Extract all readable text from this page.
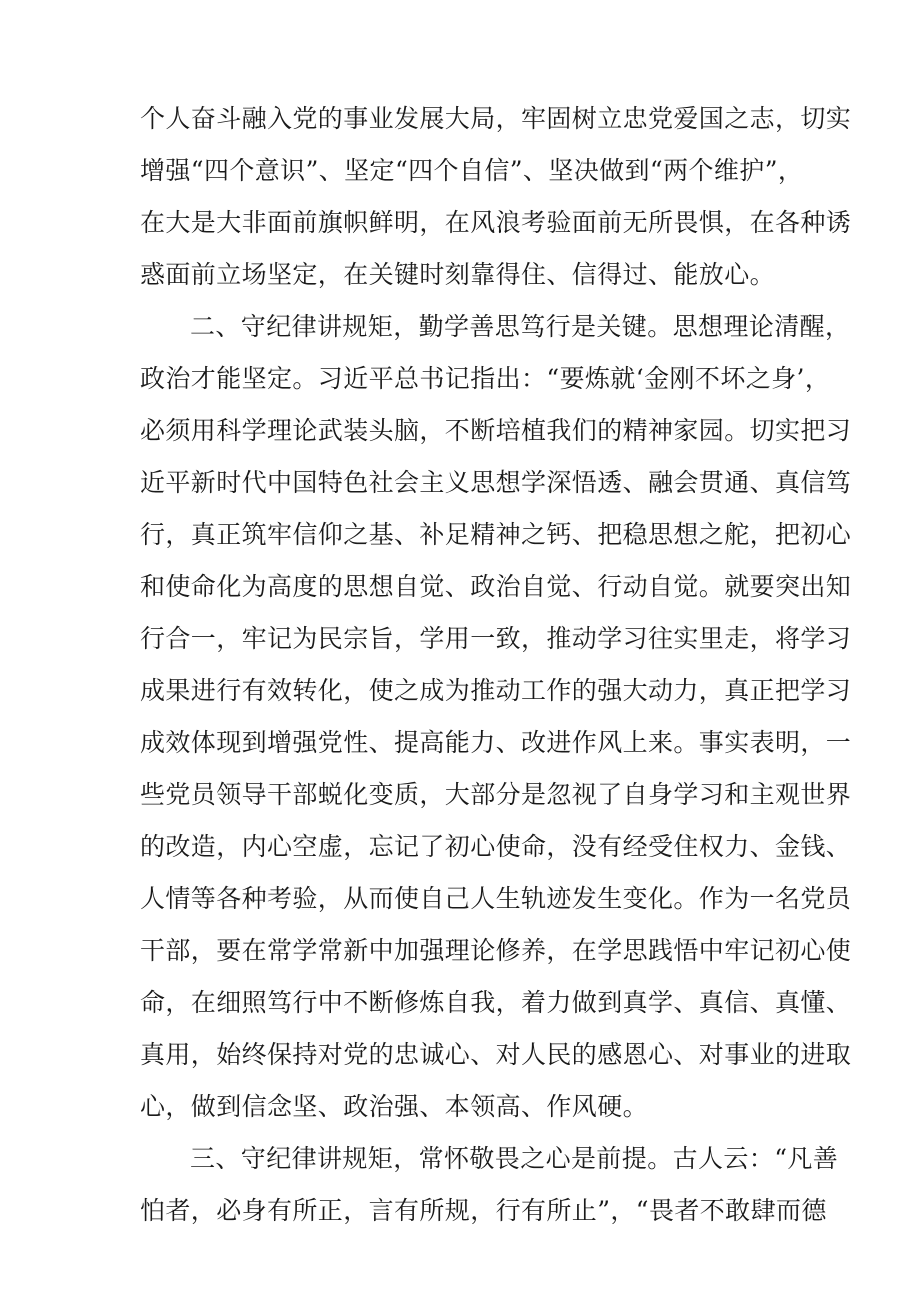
个人奋斗融入党的事业发展大局，牢固树立忠党爱国之志，切实
增强“四个意识”、坚定“四个自信”、坚决做到“两个维护”，
在大是大非面前旗帜鲜明，在风浪考验面前无所畏惧，在各种诱
惑面前立场坚定，在关键时刻靠得住、信得过、能放心。
二、守纪律讲规矩，勤学善思笃行是关键。思想理论清醒，
政治才能坚定。习近平总书记指出：“要炼就‘金刚不坏之身’，
必须用科学理论武装头脑，不断培植我们的精神家园。切实把习
近平新时代中国特色社会主义思想学深悟透、融会贯通、真信笃
行，真正筑牢信仰之基、补足精神之钙、把稳思想之舵，把初心
和使命化为高度的思想自觉、政治自觉、行动自觉。就要突出知
行合一，牢记为民宗旨，学用一致，推动学习往实里走，将学习
成果进行有效转化，使之成为推动工作的强大动力，真正把学习
成效体现到增强党性、提高能力、改进作风上来。事实表明，一
些党员领导干部蜕化变质，大部分是忽视了自身学习和主观世界
的改造，内心空虚，忘记了初心使命，没有经受住权力、金钱、
人情等各种考验，从而使自己人生轨迹发生变化。作为一名党员
干部，要在常学常新中加强理论修养，在学思践悟中牢记初心使
命，在细照笃行中不断修炼自我，着力做到真学、真信、真懂、
真用，始终保持对党的忠诚心、对人民的感恩心、对事业的进取
心，做到信念坚、政治强、本领高、作风硬。
三、守纪律讲规矩，常怀敬畏之心是前提。古人云：“凡善
怕者，必身有所正，言有所规，行有所止”，“畏者不敢肆而德
